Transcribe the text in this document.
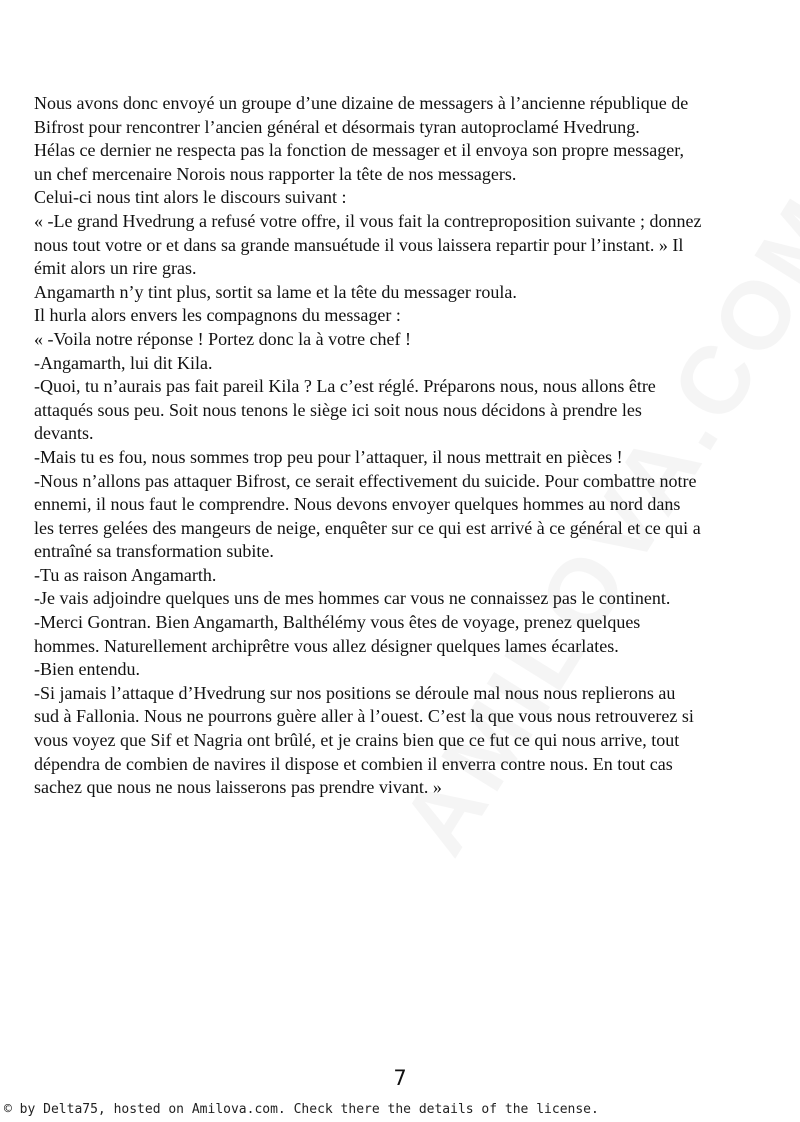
Nous avons donc envoyé un groupe d’une dizaine de messagers à l’ancienne république de
Bifrost pour rencontrer l’ancien général et désormais tyran autoproclamé Hvedrung.
Hélas ce dernier ne respecta pas la fonction de messager et il envoya son propre messager,
un chef mercenaire Norois nous rapporter la tête de nos messagers.
Celui-ci nous tint alors le discours suivant :
« -Le grand Hvedrung a refusé votre offre, il vous fait la contreproposition suivante ; donnez
nous tout votre or et dans sa grande mansuétude il vous laissera repartir pour l’instant. » Il
émit alors un rire gras.
Angamarth n’y tint plus, sortit sa lame et la tête du messager roula.
Il hurla alors envers les compagnons du messager :
« -Voila notre réponse ! Portez donc la à votre chef !
-Angamarth, lui dit Kila.
-Quoi, tu n’aurais pas fait pareil Kila ? La c’est réglé. Préparons nous, nous allons être
attaqués sous peu. Soit nous tenons le siège ici soit nous nous décidons à prendre les
devants.
-Mais tu es fou, nous sommes trop peu pour l’attaquer, il nous mettrait en pièces !
-Nous n’allons pas attaquer Bifrost, ce serait effectivement du suicide. Pour combattre notre
ennemi, il nous faut le comprendre. Nous devons envoyer quelques hommes au nord dans
les terres gelées des mangeurs de neige, enquêter sur ce qui est arrivé à ce général et ce qui a
entraîné sa transformation subite.
-Tu as raison Angamarth.
-Je vais adjoindre quelques uns de mes hommes car vous ne connaissez pas le continent.
-Merci Gontran. Bien Angamarth, Balthélémy vous êtes de voyage, prenez quelques
hommes. Naturellement archiprêtre vous allez désigner quelques lames écarlates.
-Bien entendu.
-Si jamais l’attaque d’Hvedrung sur nos positions se déroule mal nous nous replierons au
sud à Fallonia. Nous ne pourrons guère aller à l’ouest. C’est la que vous nous retrouverez si
vous voyez que Sif et Nagria ont brûlé, et je crains bien que ce fut ce qui nous arrive, tout
dépendra de combien de navires il dispose et combien il enverra contre nous. En tout cas
sachez que nous ne nous laisserons pas prendre vivant. »
7
© by Delta75, hosted on Amilova.com. Check there the details of the license.
